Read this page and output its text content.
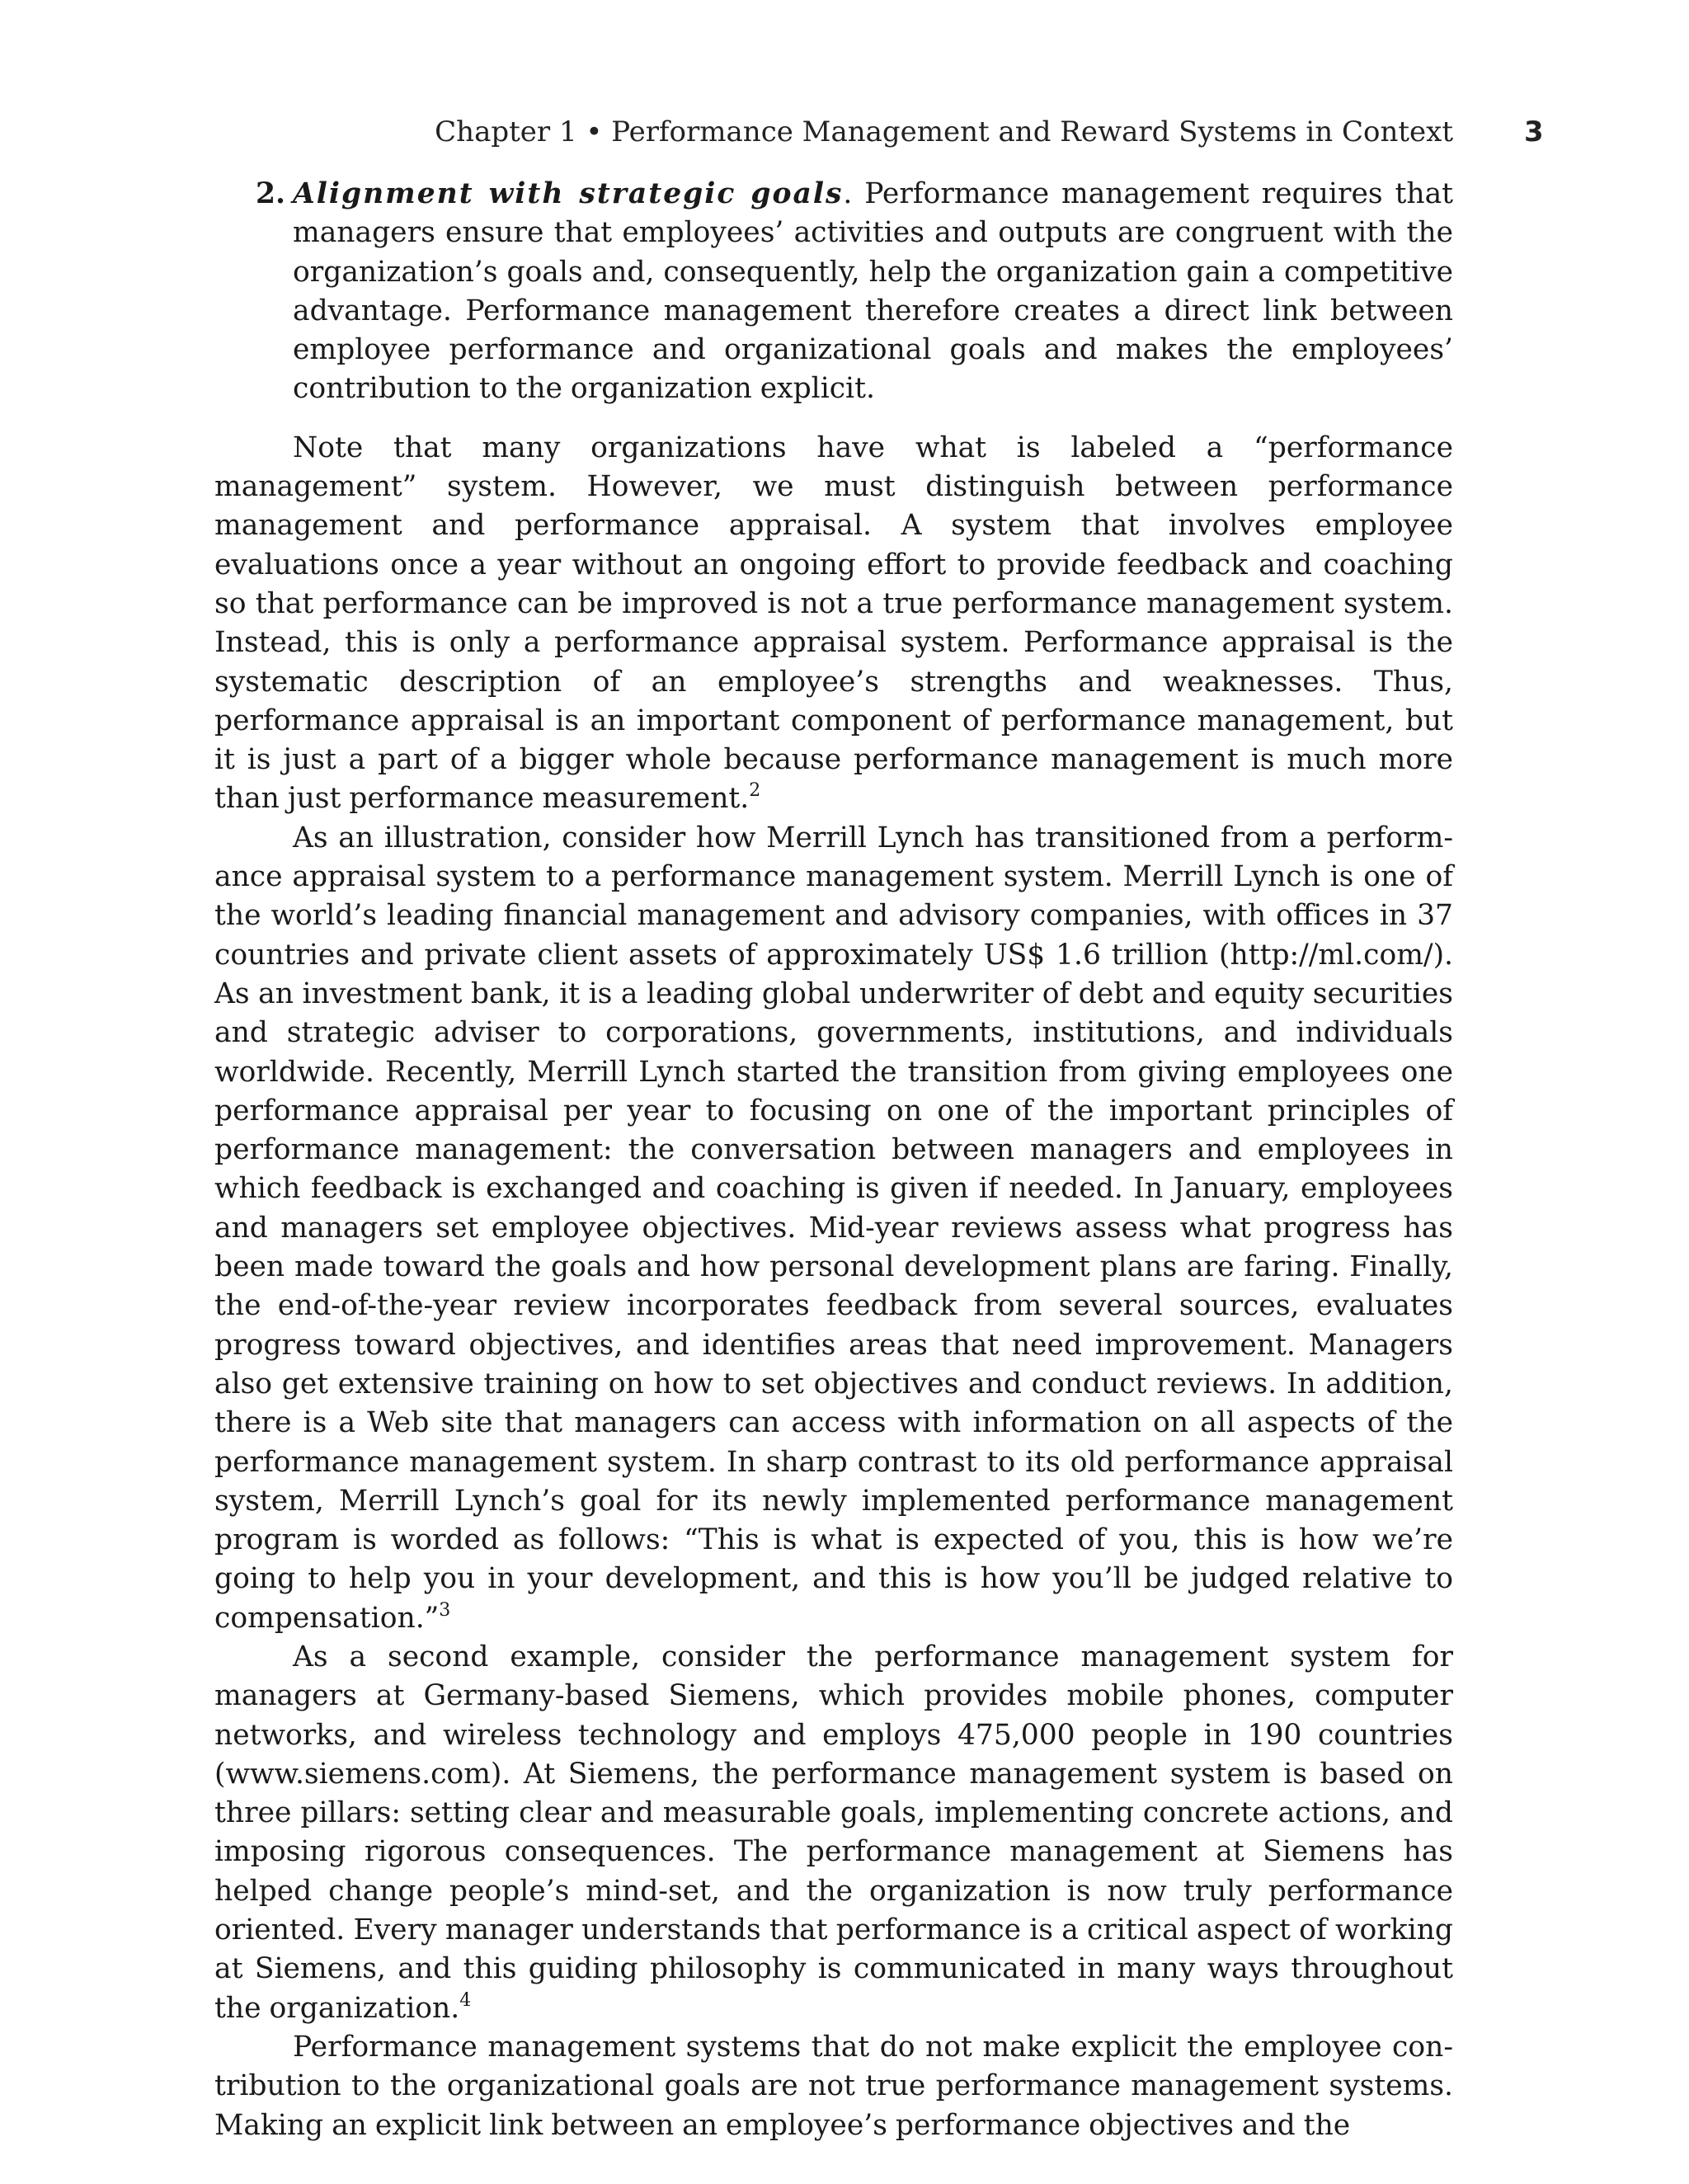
Chapter 1 • Performance Management and Reward Systems in Context	3
2. Alignment with strategic goals. Performance management requires that managers ensure that employees’ activities and outputs are congruent with the organization’s goals and, consequently, help the organization gain a competitive advantage. Performance management therefore creates a direct link between employee performance and organizational goals and makes the employees’ contribution to the organization explicit.

Note that many organizations have what is labeled a “performance management” system. However, we must distinguish between performance management and performance appraisal. A system that involves employee evaluations once a year without an ongoing effort to provide feedback and coaching so that performance can be improved is not a true performance management system. Instead, this is only a performance appraisal system. Performance appraisal is the systematic description of an employee’s strengths and weaknesses. Thus, performance appraisal is an important component of performance management, but it is just a part of a bigger whole because performance management is much more than just performance measurement.$^2$

As an illustration, consider how Merrill Lynch has transitioned from a performance appraisal system to a performance management system. Merrill Lynch is one of the world’s leading financial management and advisory companies, with offices in 37 countries and private client assets of approximately US$ 1.6 trillion (http://ml.com/). As an investment bank, it is a leading global underwriter of debt and equity securities and strategic adviser to corporations, governments, institutions, and individuals worldwide. Recently, Merrill Lynch started the transition from giving employees one performance appraisal per year to focusing on one of the important principles of performance management: the conversation between managers and employees in which feedback is exchanged and coaching is given if needed. In January, employees and managers set employee objectives. Mid-year reviews assess what progress has been made toward the goals and how personal development plans are faring. Finally, the end-of-the-year review incorporates feedback from several sources, evaluates progress toward objectives, and identifies areas that need improvement. Managers also get extensive training on how to set objectives and conduct reviews. In addition, there is a Web site that managers can access with information on all aspects of the performance management system. In sharp contrast to its old performance appraisal system, Merrill Lynch’s goal for its newly implemented performance management program is worded as follows: “This is what is expected of you, this is how we’re going to help you in your development, and this is how you’ll be judged relative to compensation.”$^3$

As a second example, consider the performance management system for managers at Germany-based Siemens, which provides mobile phones, computer networks, and wireless technology and employs 475,000 people in 190 countries (www.siemens.com). At Siemens, the performance management system is based on three pillars: setting clear and measurable goals, implementing concrete actions, and imposing rigorous consequences. The performance management at Siemens has helped change people’s mind-set, and the organization is now truly performance oriented. Every manager understands that performance is a critical aspect of working at Siemens, and this guiding philosophy is communicated in many ways throughout the organization.$^4$

Performance management systems that do not make explicit the employee contribution to the organizational goals are not true performance management systems. Making an explicit link between an employee’s performance objectives and the
